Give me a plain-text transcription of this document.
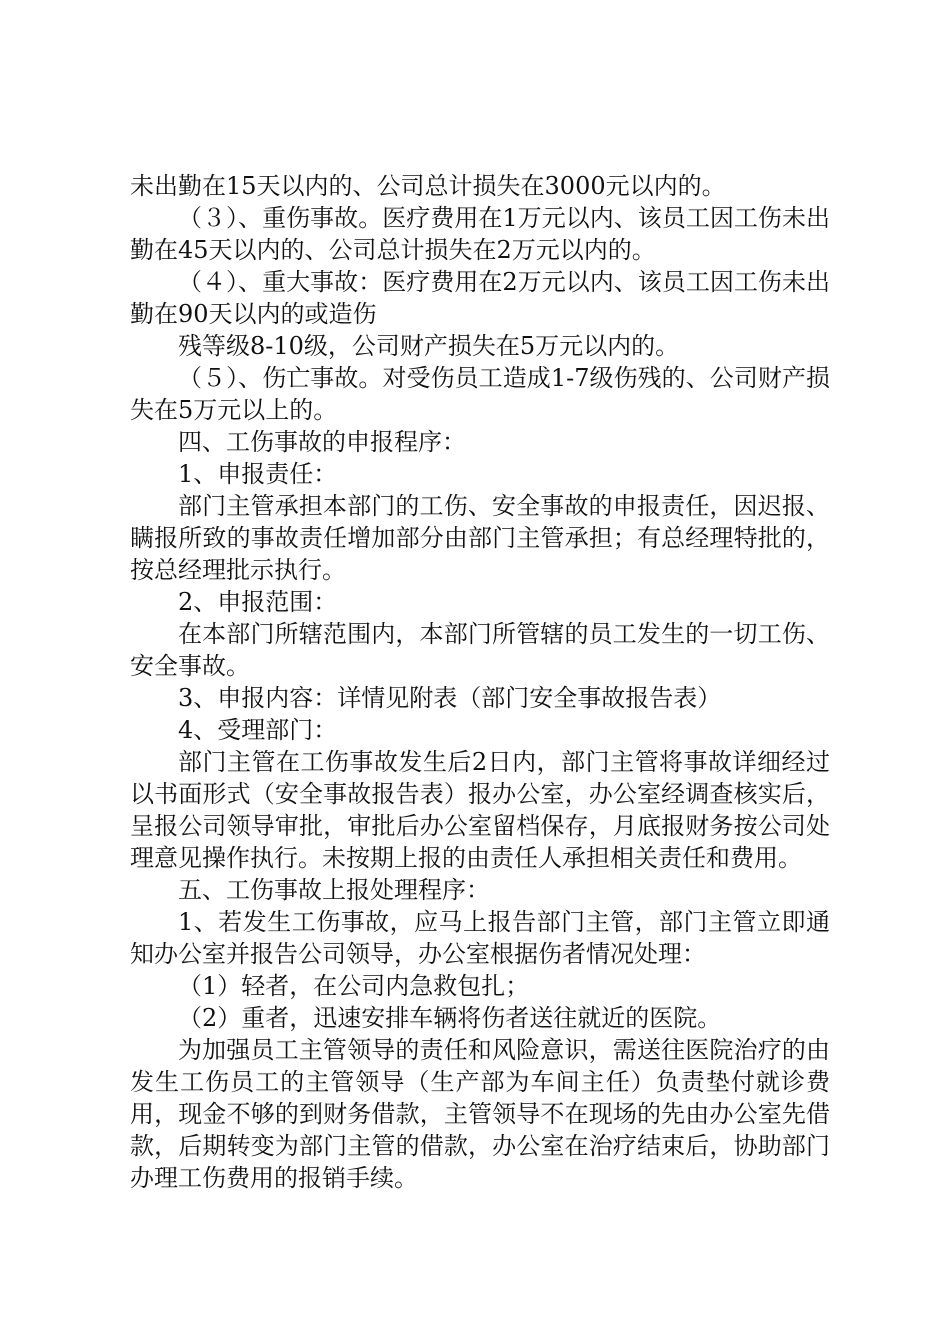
未出勤在15天以内的、公司总计损失在3000元以内的。

（３）、重伤事故。医疗费用在1万元以内、该员工因工伤未出勤在45天以内的、公司总计损失在2万元以内的。

（４）、重大事故：医疗费用在2万元以内、该员工因工伤未出勤在90天以内的或造伤

残等级8-10级，公司财产损失在5万元以内的。

（５）、伤亡事故。对受伤员工造成1-7级伤残的、公司财产损失在5万元以上的。

四、工伤事故的申报程序：

1、申报责任：

部门主管承担本部门的工伤、安全事故的申报责任，因迟报、瞒报所致的事故责任增加部分由部门主管承担；有总经理特批的，按总经理批示执行。

2、申报范围：

在本部门所辖范围内，本部门所管辖的员工发生的一切工伤、安全事故。

3、申报内容：详情见附表（部门安全事故报告表）

4、受理部门：

部门主管在工伤事故发生后2日内，部门主管将事故详细经过以书面形式（安全事故报告表）报办公室，办公室经调查核实后，呈报公司领导审批，审批后办公室留档保存，月底报财务按公司处理意见操作执行。未按期上报的由责任人承担相关责任和费用。

五、工伤事故上报处理程序：

1、若发生工伤事故，应马上报告部门主管，部门主管立即通知办公室并报告公司领导，办公室根据伤者情况处理：

（1）轻者，在公司内急救包扎；

（2）重者，迅速安排车辆将伤者送往就近的医院。

为加强员工主管领导的责任和风险意识，需送往医院治疗的由发生工伤员工的主管领导（生产部为车间主任）负责垫付就诊费用，现金不够的到财务借款，主管领导不在现场的先由办公室先借款，后期转变为部门主管的借款，办公室在治疗结束后，协助部门办理工伤费用的报销手续。
